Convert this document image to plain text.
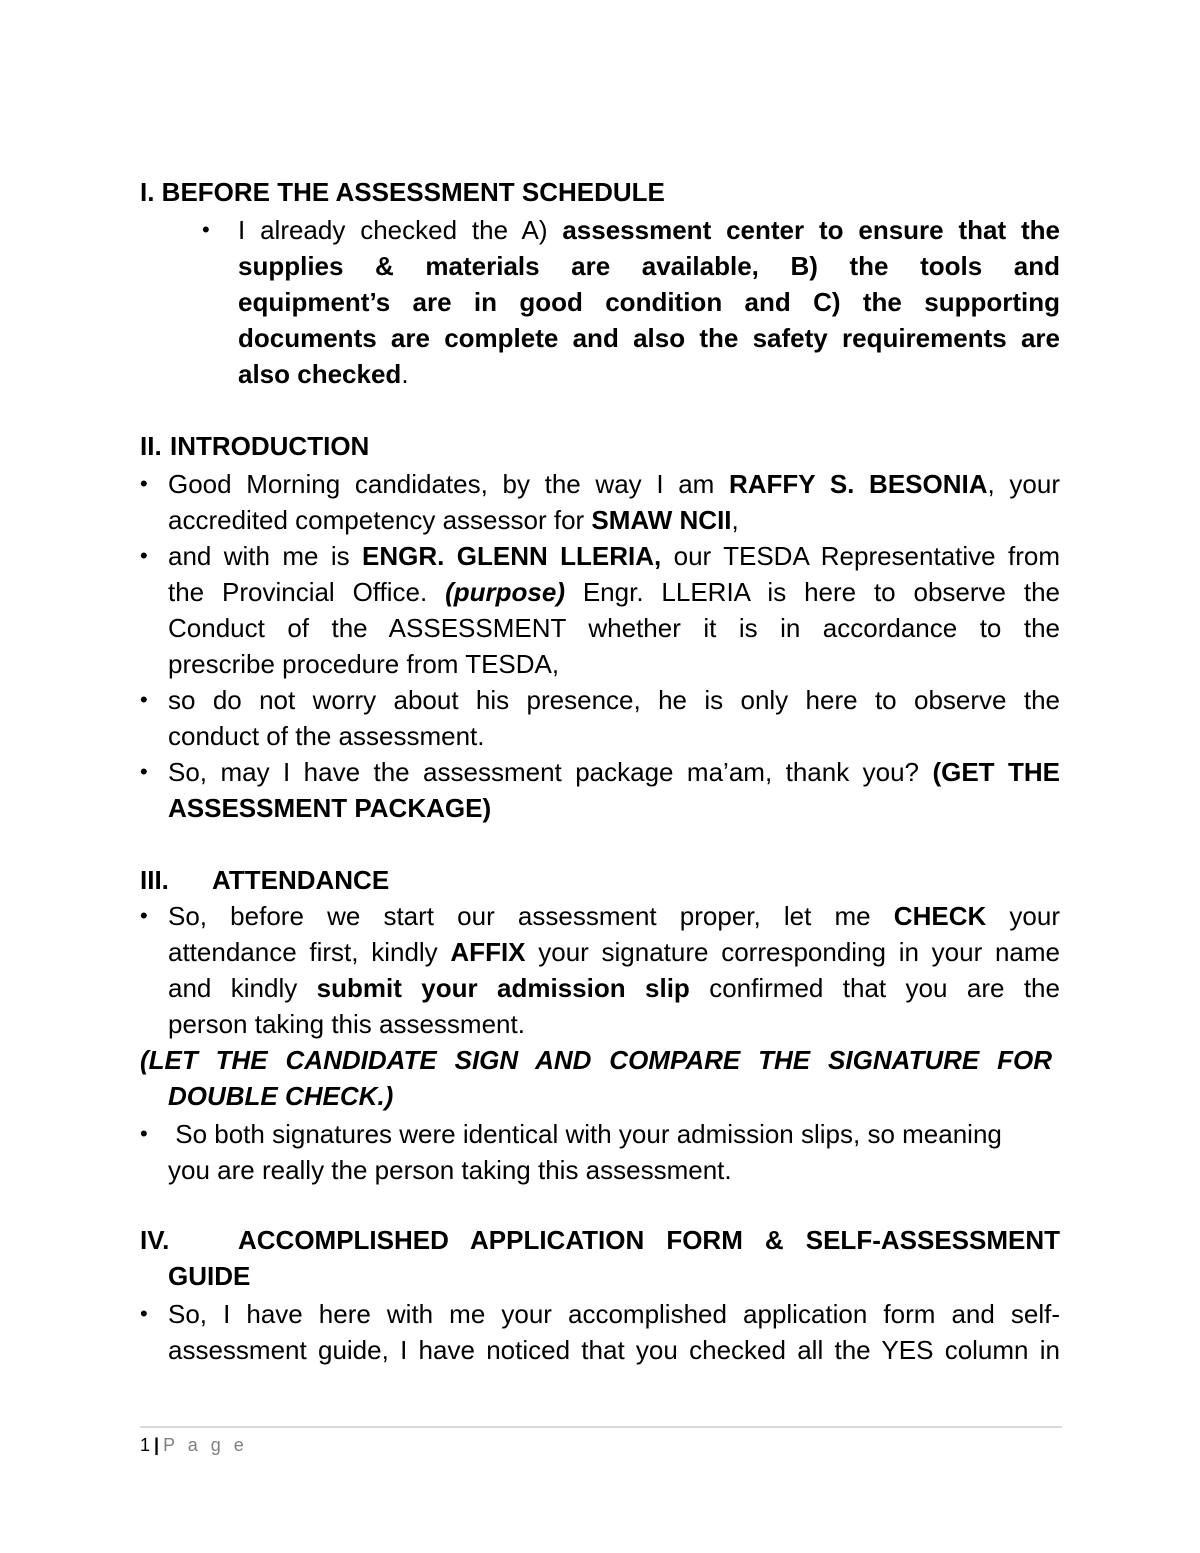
I. BEFORE THE ASSESSMENT SCHEDULE
• I already checked the A) assessment center to ensure that the
supplies & materials are available, B) the tools and
equipment’s are in good condition and C) the supporting
documents are complete and also the safety requirements are
also checked.
II. INTRODUCTION
• Good Morning candidates, by the way I am RAFFY S. BESONIA, your
accredited competency assessor for SMAW NCII,
• and with me is ENGR. GLENN LLERIA, our TESDA Representative from
the Provincial Office. (purpose) Engr. LLERIA is here to observe the
Conduct of the ASSESSMENT whether it is in accordance to the
prescribe procedure from TESDA,
• so do not worry about his presence, he is only here to observe the
conduct of the assessment.
• So, may I have the assessment package ma’am, thank you? (GET THE
ASSESSMENT PACKAGE)
III. ATTENDANCE
• So, before we start our assessment proper, let me CHECK your
attendance first, kindly AFFIX your signature corresponding in your name
and kindly submit your admission slip confirmed that you are the
person taking this assessment.
(LET THE CANDIDATE SIGN AND COMPARE THE SIGNATURE FOR
DOUBLE CHECK.)
• So both signatures were identical with your admission slips, so meaning
you are really the person taking this assessment.
IV.	ACCOMPLISHED APPLICATION FORM & SELF-ASSESSMENT
GUIDE
• So, I have here with me your accomplished application form and self-
assessment guide, I have noticed that you checked all the YES column in
1 | P a g e
